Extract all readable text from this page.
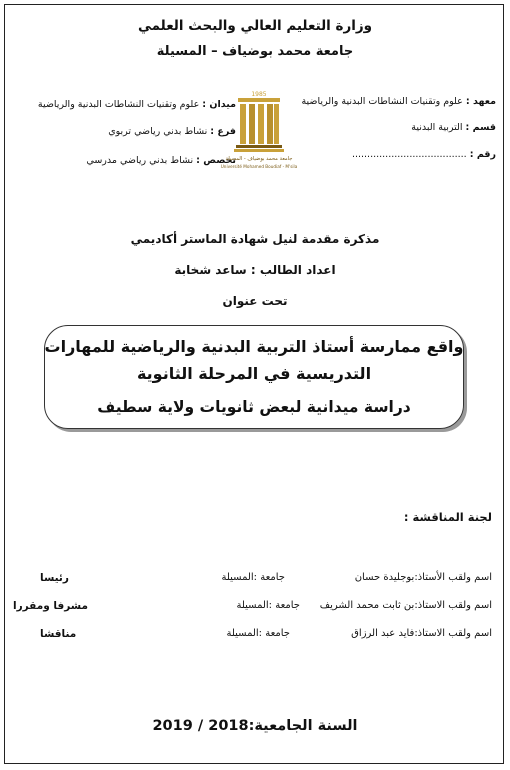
وزارة التعليم العالي والبحث العلمي
جامعة محمد بوضياف – المسيلة
معهد : علوم وتقنيات النشاطات البدنية والرياضية
قسم : التربية البدنية
رقم : ......................................
ميدان : علوم وتقنيات النشاطات البدنية والرياضية
فرع : نشاط بدني رياضي تربوي
تخصص : نشاط بدني رياضي مدرسي
1985
جامعة محمد بوضياف - المسيلة
Université Mohamed Boudiaf - M'sila
مذكرة مقدمة لنيل شهادة الماستر أكاديمي
اعداد الطالب : ساعد شخابة
تحت عنوان
واقع ممارسة أستاذ التربية البدنية والرياضية للمهارات
التدريسية في المرحلة الثانوية
دراسة ميدانية لبعض ثانويات ولاية سطيف
لجنة المناقشة :
اسم ولقب الأستاذ:بوجليدة حسان
جامعة :المسيلة
رئيسا
اسم ولقب الاستاذ:بن ثابت محمد الشريف
جامعة :المسيلة
مشرفا ومقررا
اسم ولقب الاستاذ:فايد عبد الرزاق
جامعة :المسيلة
مناقشا
السنة الجامعية:2018 / 2019
